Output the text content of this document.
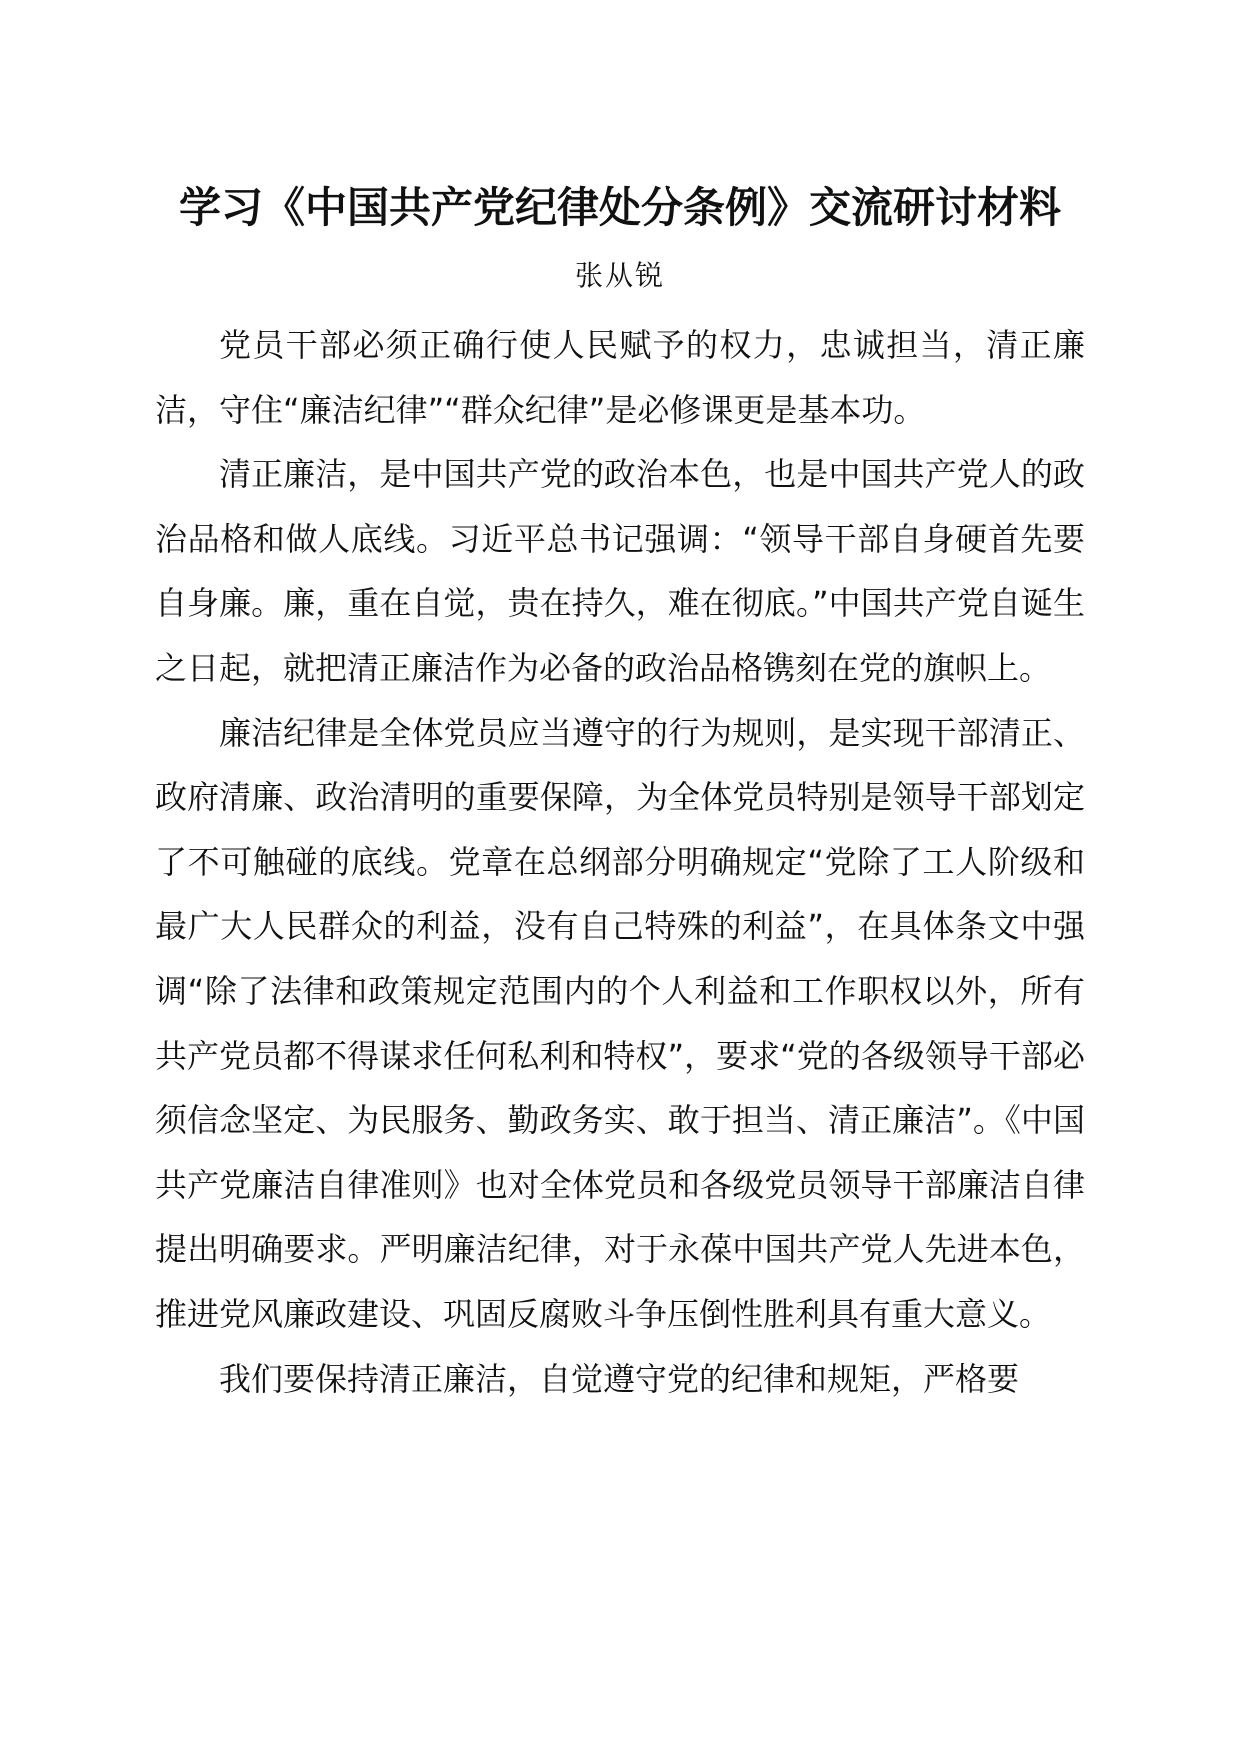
学习《中国共产党纪律处分条例》交流研讨材料
张从锐

党员干部必须正确行使人民赋予的权力，忠诚担当，清正廉洁，守住“廉洁纪律”“群众纪律”是必修课更是基本功。

清正廉洁，是中国共产党的政治本色，也是中国共产党人的政治品格和做人底线。习近平总书记强调：“领导干部自身硬首先要自身廉。廉，重在自觉，贵在持久，难在彻底。”中国共产党自诞生之日起，就把清正廉洁作为必备的政治品格镌刻在党的旗帜上。

廉洁纪律是全体党员应当遵守的行为规则，是实现干部清正、政府清廉、政治清明的重要保障，为全体党员特别是领导干部划定了不可触碰的底线。党章在总纲部分明确规定“党除了工人阶级和最广大人民群众的利益，没有自己特殊的利益”，在具体条文中强调“除了法律和政策规定范围内的个人利益和工作职权以外，所有共产党员都不得谋求任何私利和特权”，要求“党的各级领导干部必须信念坚定、为民服务、勤政务实、敢于担当、清正廉洁”。《中国共产党廉洁自律准则》也对全体党员和各级党员领导干部廉洁自律提出明确要求。严明廉洁纪律，对于永葆中国共产党人先进本色，推进党风廉政建设、巩固反腐败斗争压倒性胜利具有重大意义。

我们要保持清正廉洁，自觉遵守党的纪律和规矩，严格要
